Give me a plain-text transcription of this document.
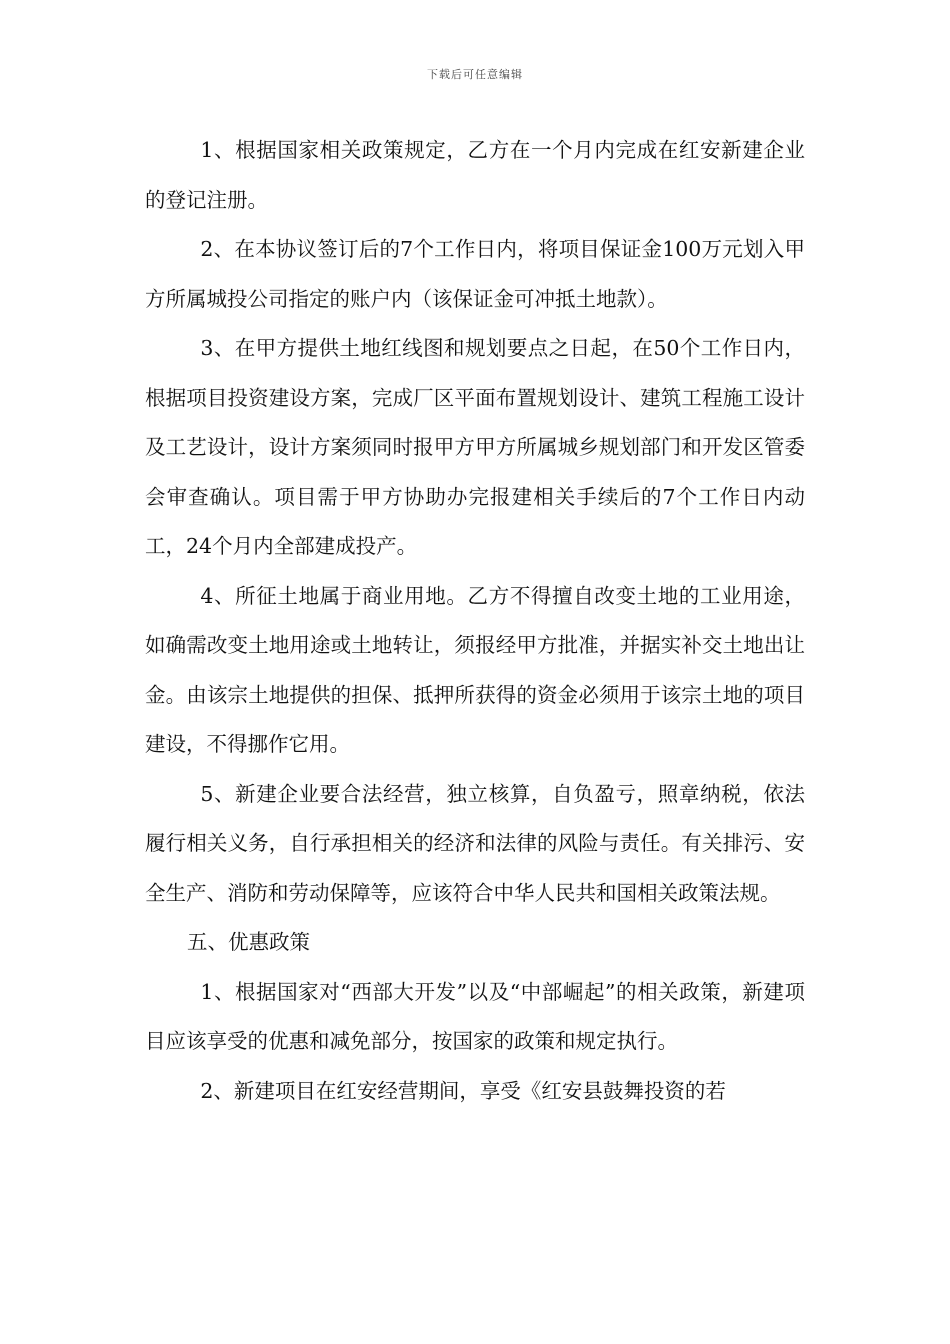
下载后可任意编辑

1、根据国家相关政策规定，乙方在一个月内完成在红安新建企业的登记注册。

2、在本协议签订后的7个工作日内，将项目保证金100万元划入甲方所属城投公司指定的账户内（该保证金可冲抵土地款）。

3、在甲方提供土地红线图和规划要点之日起，在50个工作日内，根据项目投资建设方案，完成厂区平面布置规划设计、建筑工程施工设计及工艺设计，设计方案须同时报甲方甲方所属城乡规划部门和开发区管委会审查确认。项目需于甲方协助办完报建相关手续后的7个工作日内动工，24个月内全部建成投产。

4、所征土地属于商业用地。乙方不得擅自改变土地的工业用途，如确需改变土地用途或土地转让，须报经甲方批准，并据实补交土地出让金。由该宗土地提供的担保、抵押所获得的资金必须用于该宗土地的项目建设，不得挪作它用。

5、新建企业要合法经营，独立核算，自负盈亏，照章纳税，依法履行相关义务，自行承担相关的经济和法律的风险与责任。有关排污、安全生产、消防和劳动保障等，应该符合中华人民共和国相关政策法规。

五、优惠政策

1、根据国家对“西部大开发”以及“中部崛起”的相关政策，新建项目应该享受的优惠和减免部分，按国家的政策和规定执行。

2、新建项目在红安经营期间，享受《红安县鼓舞投资的若
